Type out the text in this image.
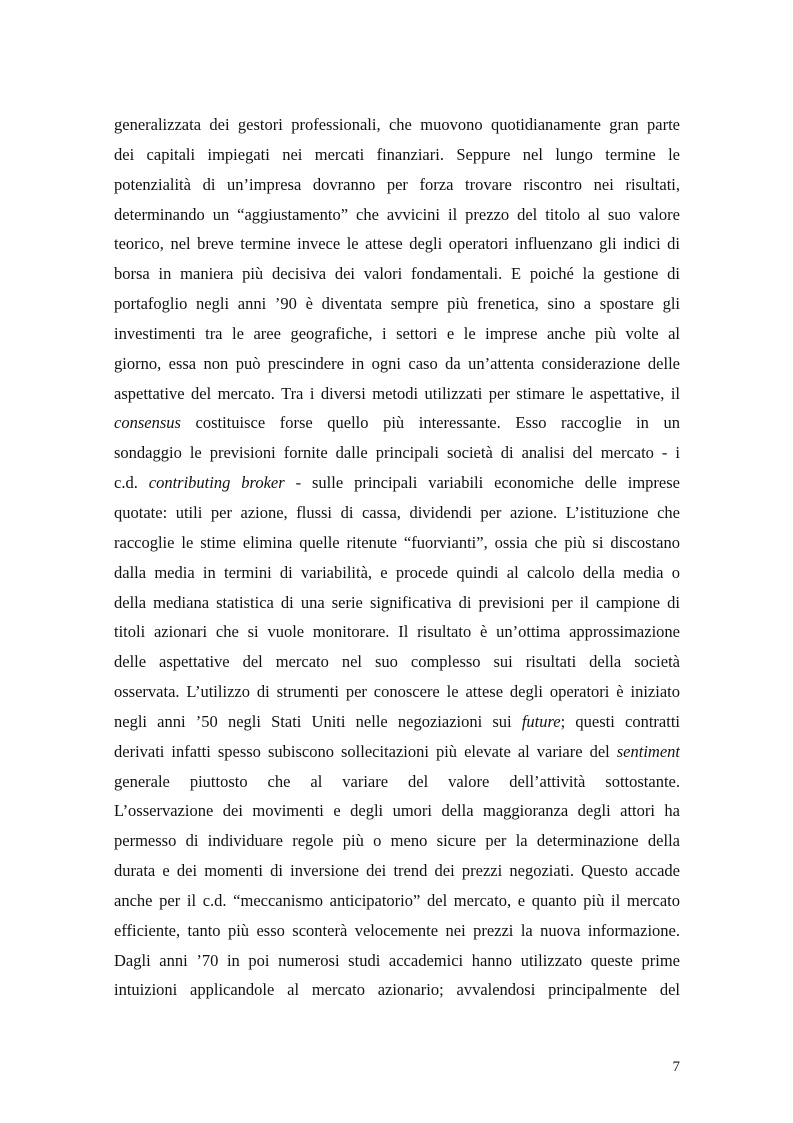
generalizzata dei gestori professionali, che muovono quotidianamente gran parte
dei capitali impiegati nei mercati finanziari. Seppure nel lungo termine le
potenzialità di un’impresa dovranno per forza trovare riscontro nei risultati,
determinando un “aggiustamento” che avvicini il prezzo del titolo al suo valore
teorico, nel breve termine invece le attese degli operatori influenzano gli indici di
borsa in maniera più decisiva dei valori fondamentali. E poiché la gestione di
portafoglio negli anni ’90 è diventata sempre più frenetica, sino a spostare gli
investimenti tra le aree geografiche, i settori e le imprese anche più volte al
giorno, essa non può prescindere in ogni caso da un’attenta considerazione delle
aspettative del mercato. Tra i diversi metodi utilizzati per stimare le aspettative, il
consensus costituisce forse quello più interessante. Esso raccoglie in un
sondaggio le previsioni fornite dalle principali società di analisi del mercato - i
c.d. contributing broker - sulle principali variabili economiche delle imprese
quotate: utili per azione, flussi di cassa, dividendi per azione. L’istituzione che
raccoglie le stime elimina quelle ritenute “fuorvianti”, ossia che più si discostano
dalla media in termini di variabilità, e procede quindi al calcolo della media o
della mediana statistica di una serie significativa di previsioni per il campione di
titoli azionari che si vuole monitorare. Il risultato è un’ottima approssimazione
delle aspettative del mercato nel suo complesso sui risultati della società
osservata. L’utilizzo di strumenti per conoscere le attese degli operatori è iniziato
negli anni ’50 negli Stati Uniti nelle negoziazioni sui future; questi contratti
derivati infatti spesso subiscono sollecitazioni più elevate al variare del sentiment
generale piuttosto che al variare del valore dell’attività sottostante.
L’osservazione dei movimenti e degli umori della maggioranza degli attori ha
permesso di individuare regole più o meno sicure per la determinazione della
durata e dei momenti di inversione dei trend dei prezzi negoziati. Questo accade
anche per il c.d. “meccanismo anticipatorio” del mercato, e quanto più il mercato
efficiente, tanto più esso sconterà velocemente nei prezzi la nuova informazione.
Dagli anni ’70 in poi numerosi studi accademici hanno utilizzato queste prime
intuizioni applicandole al mercato azionario; avvalendosi principalmente del
7
